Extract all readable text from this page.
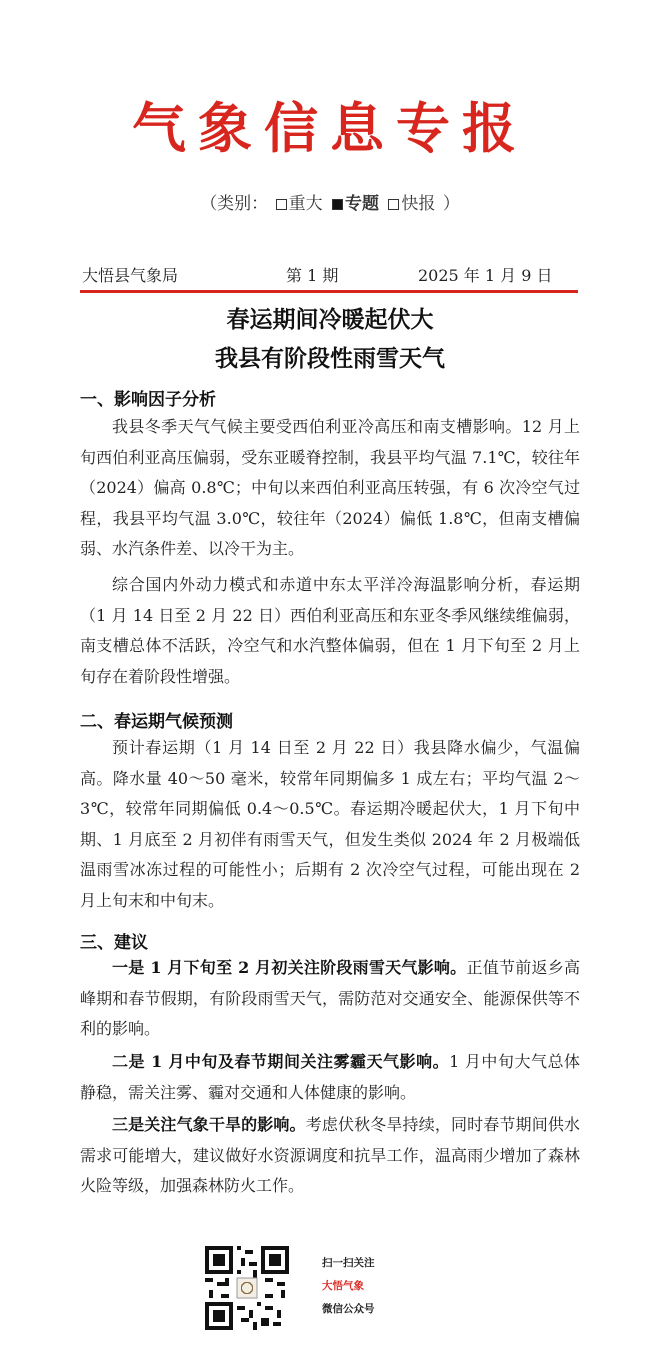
气象信息专报
（类别： 重大 专题 快报 ）
大悟县气象局	第 1 期	2025 年 1 月 9 日
春运期间冷暖起伏大
我县有阶段性雨雪天气
一、影响因子分析

我县冬季天气气候主要受西伯利亚冷高压和南支槽影响。12 月上旬西伯利亚高压偏弱，受东亚暖脊控制，我县平均气温 7.1℃，较往年（2024）偏高 0.8℃；中旬以来西伯利亚高压转强，有 6 次冷空气过程，我县平均气温 3.0℃，较往年（2024）偏低 1.8℃，但南支槽偏弱、水汽条件差、以冷干为主。

综合国内外动力模式和赤道中东太平洋冷海温影响分析，春运期（1 月 14 日至 2 月 22 日）西伯利亚高压和东亚冬季风继续维偏弱，南支槽总体不活跃，冷空气和水汽整体偏弱，但在 1 月下旬至 2 月上旬存在着阶段性增强。

二、春运期气候预测

预计春运期（1 月 14 日至 2 月 22 日）我县降水偏少，气温偏高。降水量 40～50 毫米，较常年同期偏多 1 成左右；平均气温 2～3℃，较常年同期偏低 0.4～0.5℃。春运期冷暖起伏大，1 月下旬中期、1 月底至 2 月初伴有雨雪天气，但发生类似 2024 年 2 月极端低温雨雪冰冻过程的可能性小；后期有 2 次冷空气过程，可能出现在 2 月上旬末和中旬末。

三、建议

一是 1 月下旬至 2 月初关注阶段雨雪天气影响。正值节前返乡高峰期和春节假期，有阶段雨雪天气，需防范对交通安全、能源保供等不利的影响。

二是 1 月中旬及春节期间关注雾霾天气影响。1 月中旬大气总体静稳，需关注雾、霾对交通和人体健康的影响。

三是关注气象干旱的影响。考虑伏秋冬旱持续，同时春节期间供水需求可能增大，建议做好水资源调度和抗旱工作，温高雨少增加了森林火险等级，加强森林防火工作。

扫一扫关注
大悟气象
微信公众号
